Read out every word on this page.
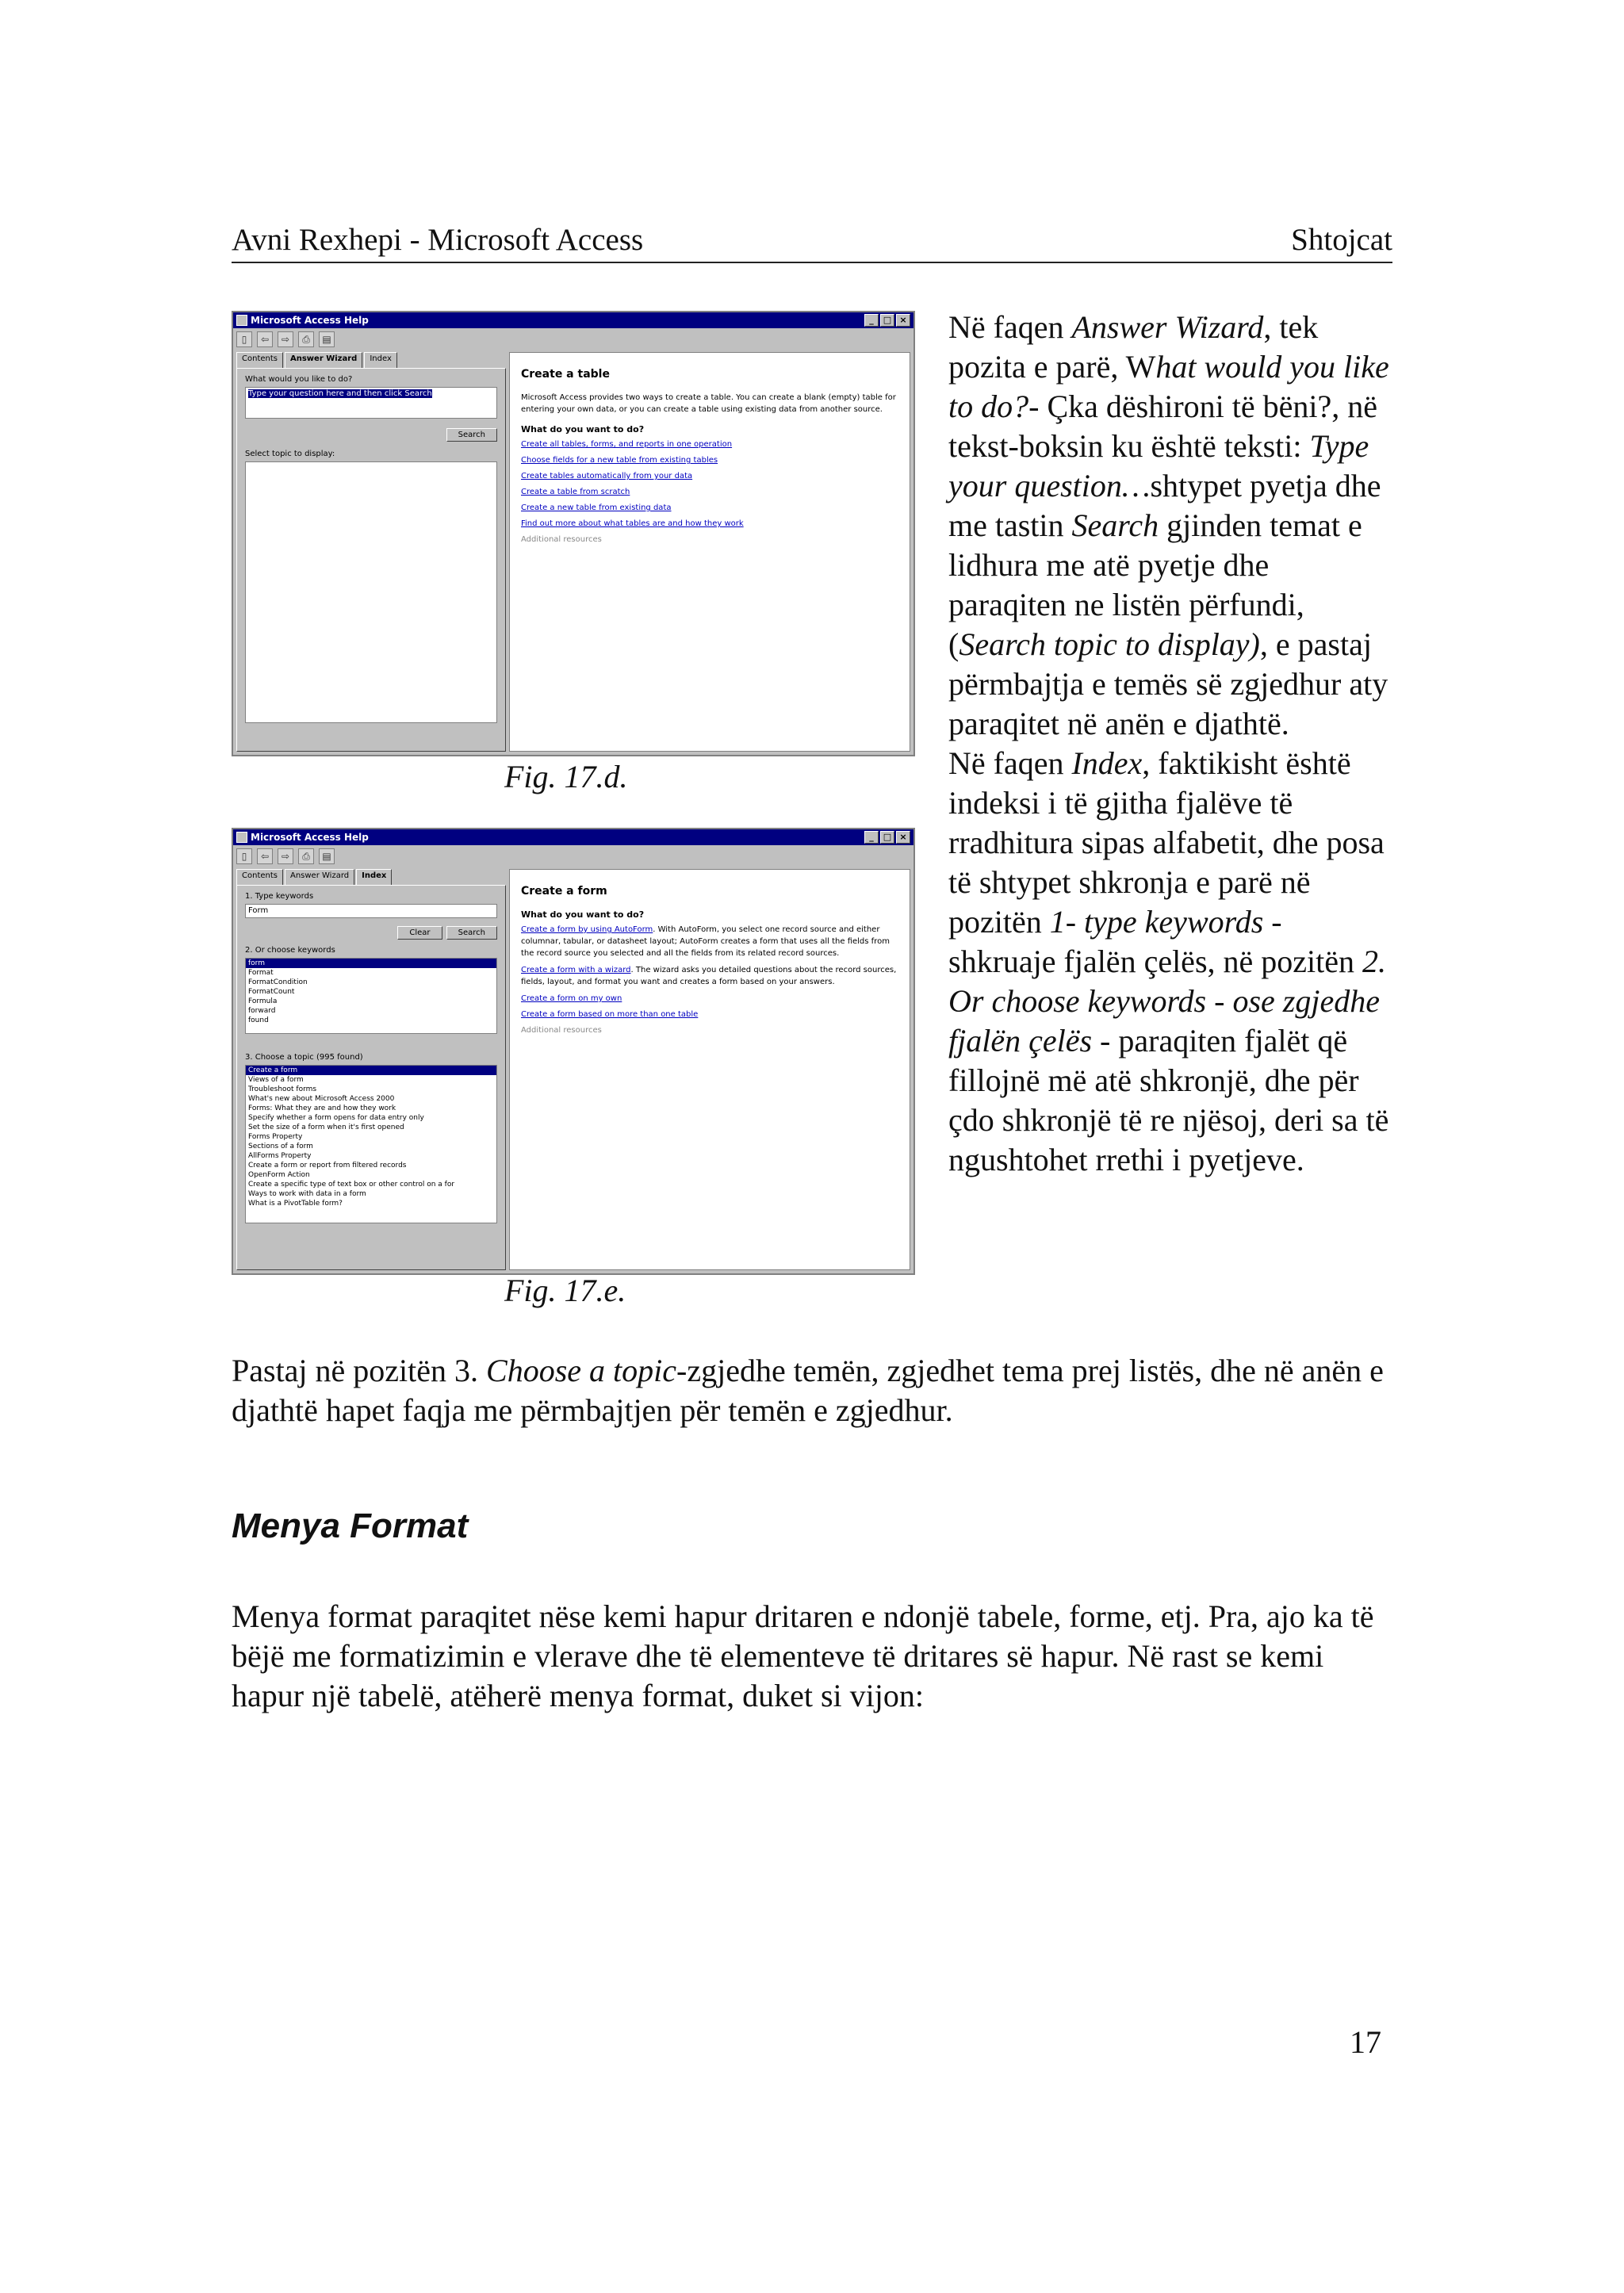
Avni Rexhepi - Microsoft Access	Shtojcat
Microsoft Access Help	_	□ ×
▯	⇦	⇨	⎙	▤
Contents	Answer Wizard	Index
What would you like to do?
Type your question here and then click Search
Search
Select topic to display:
Create a table
Microsoft Access provides two ways to create a table. You can create a blank (empty) table for entering your own data, or you can create a table using existing data from another source.
What do you want to do?
Create all tables, forms, and reports in one operation
Choose fields for a new table from existing tables
Create tables automatically from your data
Create a table from scratch
Create a new table from existing data
Find out more about what tables are and how they work
Additional resources
Fig. 17.d.
Microsoft Access Help	_	□ ×
▯	⇦	⇨	⎙	▤
Contents	Answer Wizard	Index
1. Type keywords
Form
Clear	Search
2. Or choose keywords
form
Format
FormatCondition
FormatCount
Formula
forward
found
3. Choose a topic (995 found)
Create a form
Views of a form
Troubleshoot forms
What's new about Microsoft Access 2000
Forms: What they are and how they work
Specify whether a form opens for data entry only
Set the size of a form when it's first opened
Forms Property
Sections of a form
AllForms Property
Create a form or report from filtered records
OpenForm Action
Create a specific type of text box or other control on a for
Ways to work with data in a form
What is a PivotTable form?
Create a form
What do you want to do?
Create a form by using AutoForm. With AutoForm, you select one record source and either columnar, tabular, or datasheet layout; AutoForm creates a form that uses all the fields from the record source you selected and all the fields from its related record sources.
Create a form with a wizard. The wizard asks you detailed questions about the record sources, fields, layout, and format you want and creates a form based on your answers.
Create a form on my own
Create a form based on more than one table
Additional resources
Fig. 17.e.

Në faqen Answer Wizard, tek pozita e parë, What would you like to do?- Çka dëshironi të bëni?, në tekst-boksin ku është teksti: Type your question…shtypet pyetja dhe me tastin Search gjinden temat e lidhura me atë pyetje dhe paraqiten ne listën përfundi, (Search topic to display), e pastaj përmbajtja e temës së zgjedhur aty paraqitet në anën e djathtë.

Në faqen Index, faktikisht është indeksi i të gjitha fjalëve të rradhitura sipas alfabetit, dhe posa të shtypet shkronja e parë në pozitën 1- type keywords - shkruaje fjalën çelës, në pozitën 2. Or choose keywords - ose zgjedhe fjalën çelës - paraqiten fjalët që fillojnë më atë shkronjë, dhe për çdo shkronjë të re njësoj, deri sa të ngushtohet rrethi i pyetjeve.

Pastaj në pozitën 3. Choose a topic-zgjedhe temën, zgjedhet tema prej listës, dhe në anën e djathtë hapet faqja me përmbajtjen për temën e zgjedhur.
Menya Format
Menya format paraqitet nëse kemi hapur dritaren e ndonjë tabele, forme, etj. Pra, ajo ka të bëjë me formatizimin e vlerave dhe të elementeve të dritares së hapur. Në rast se kemi hapur një tabelë, atëherë menya format, duket si vijon:
17
